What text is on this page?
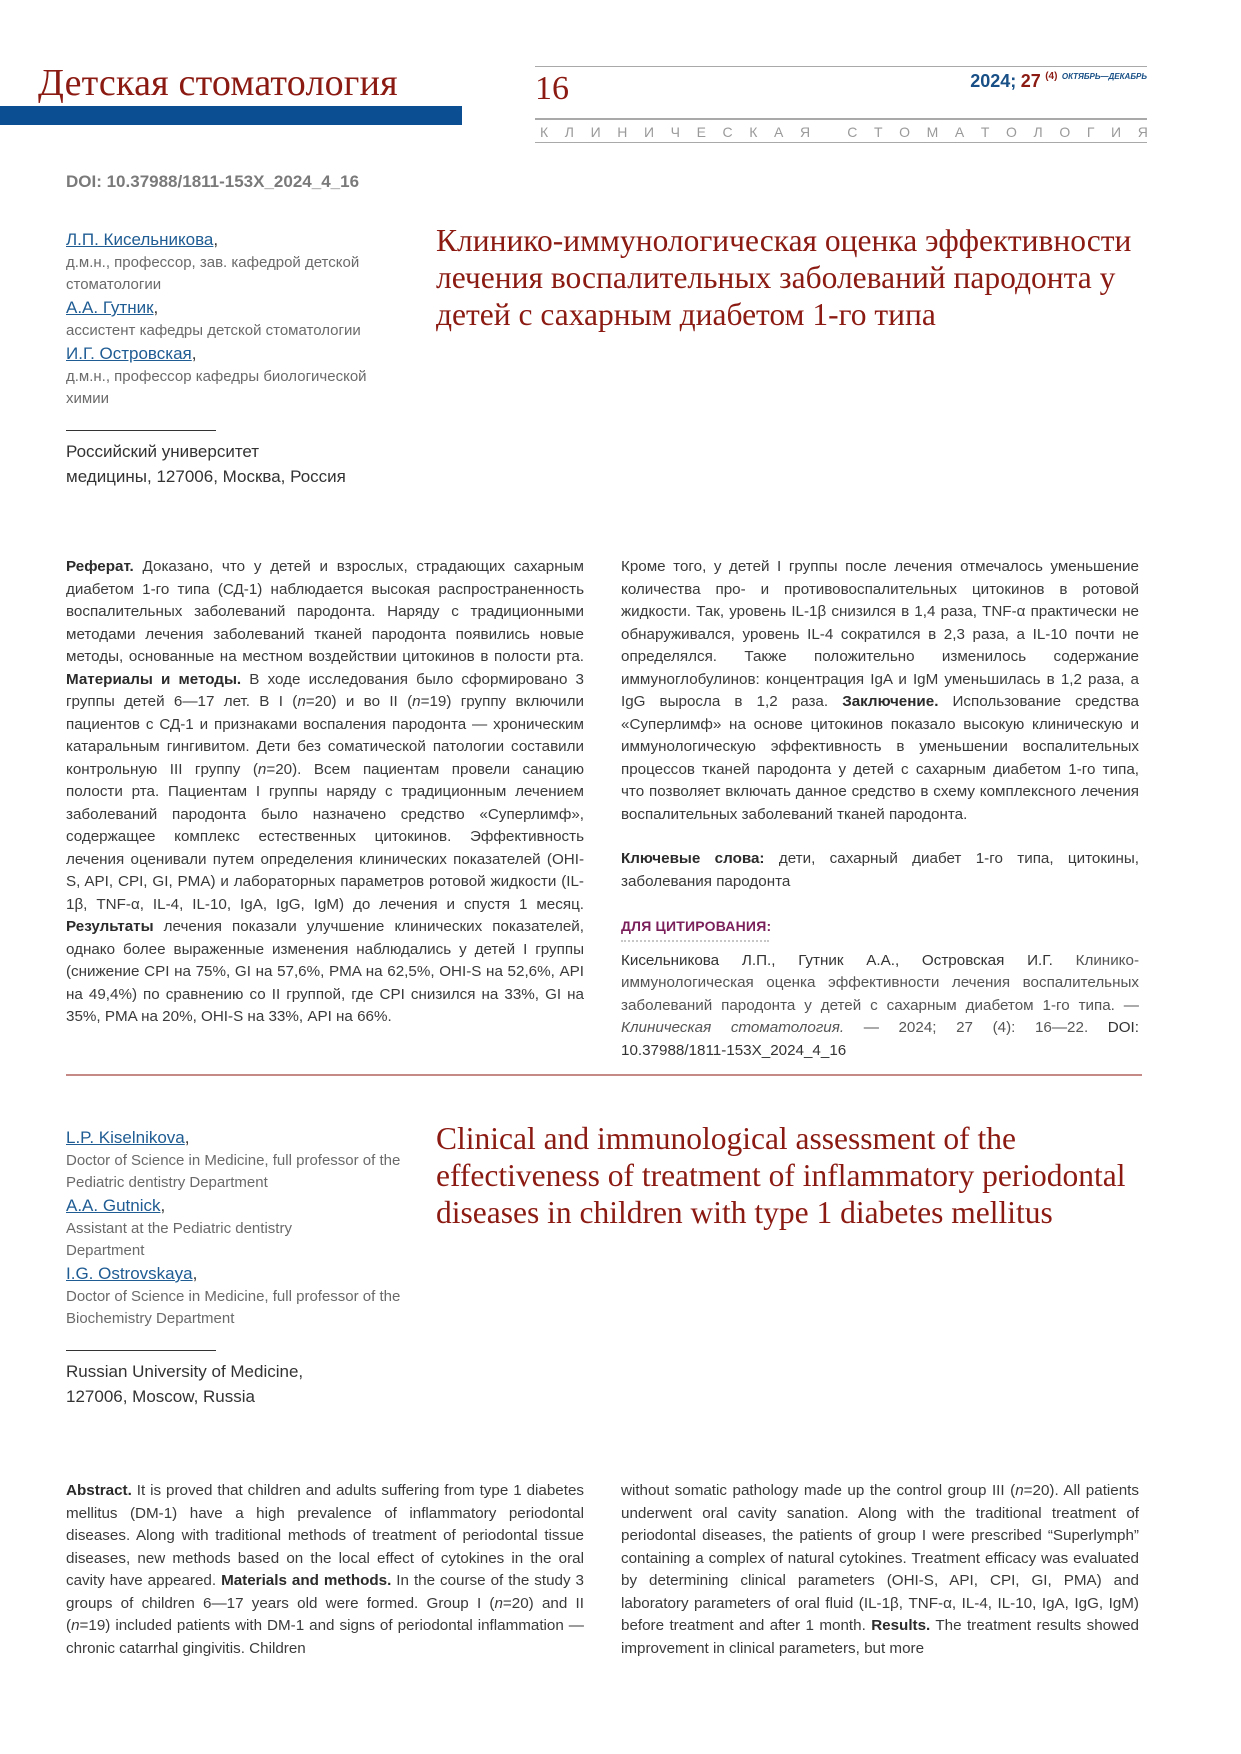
Детская стоматология	16	2024; 27 $^{(4)}$ $^{ОКТЯБРЬ—ДЕКАБРЬ}$
К Л И Н И Ч Е С К А Я
	С Т О М А Т О Л О Г И Я
DOI: 10.37988/1811-153X_2024_4_16
Л.П. Кисельникова,
д.м.н., профессор, зав. кафедрой детской стоматологии
А.А. Гутник,
ассистент кафедры детской стоматологии
И.Г. Островская,
д.м.н., профессор кафедры биологической химии
Российский университет
медицины, 127006, Москва, Россия
Клинико-иммунологическая оценка эффективности лечения воспалительных заболеваний пародонта у детей с сахарным диабетом 1-го типа

Реферат. Доказано, что у детей и взрослых, страдающих сахарным диабетом 1-го типа (СД-1) наблюдается высокая распространенность воспалительных заболеваний пародонта. Наряду с традиционными методами лечения заболеваний тканей пародонта появились новые методы, основанные на местном воздействии цитокинов в полости рта. Материалы и методы. В ходе исследования было сформировано 3 группы детей 6—17 лет. В I (n=20) и во II (n=19) группу включили пациентов с СД-1 и признаками воспаления пародонта — хроническим катаральным гингивитом. Дети без соматической патологии составили контрольную III группу (n=20). Всем пациентам провели санацию полости рта. Пациентам I группы наряду с традиционным лечением заболеваний пародонта было назначено средство «Суперлимф», содержащее комплекс естественных цитокинов. Эффективность лечения оценивали путем определения клинических показателей (OHI-S, API, CPI, GI, PMA) и лабораторных параметров ротовой жидкости (IL-1β, TNF-α, IL-4, IL-10, IgA, IgG, IgM) до лечения и спустя 1 месяц. Результаты лечения показали улучшение клинических показателей, однако более выраженные изменения наблюдались у детей I группы (снижение CPI на 75%, GI на 57,6%, PMA на 62,5%, OHI-S на 52,6%, API на 49,4%) по сравнению со II группой, где CPI снизился на 33%, GI на 35%, PMA на 20%, OHI-S на 33%, API на 66%.

Кроме того, у детей I группы после лечения отмечалось уменьшение количества про- и противовоспалительных цитокинов в ротовой жидкости. Так, уровень IL-1β снизился в 1,4 раза, TNF-α практически не обнаруживался, уровень IL-4 сократился в 2,3 раза, а IL-10 почти не определялся. Также положительно изменилось содержание иммуноглобулинов: концентрация IgA и IgM уменьшилась в 1,2 раза, а IgG выросла в 1,2 раза. Заключение. Использование средства «Суперлимф» на основе цитокинов показало высокую клиническую и иммунологическую эффективность в уменьшении воспалительных процессов тканей пародонта у детей с сахарным диабетом 1-го типа, что позволяет включать данное средство в схему комплексного лечения воспалительных заболеваний тканей пародонта.

Ключевые слова: дети, сахарный диабет 1-го типа, цитокины, заболевания пародонта

ДЛЯ ЦИТИРОВАНИЯ:

Кисельникова Л.П., Гутник А.А., Островская И.Г. Клинико-иммунологическая оценка эффективности лечения воспалительных заболеваний пародонта у детей с сахарным диабетом 1-го типа. — Клиническая стоматология. — 2024; 27 (4): 16—22. DOI: 10.37988/1811-153X_2024_4_16

L.P. Kiselnikova,
Doctor of Science in Medicine, full professor of the Pediatric dentistry Department
A.A. Gutnick,
Assistant at the Pediatric dentistry Department
I.G. Ostrovskaya,
Doctor of Science in Medicine, full professor of the Biochemistry Department
Russian University of Medicine,
127006, Moscow, Russia
Clinical and immunological assessment of the effectiveness of treatment of inflammatory periodontal diseases in children with type 1 diabetes mellitus

Abstract. It is proved that children and adults suffering from type 1 diabetes mellitus (DM-1) have a high prevalence of inflammatory periodontal diseases. Along with traditional methods of treatment of periodontal tissue diseases, new methods based on the local effect of cytokines in the oral cavity have appeared. Materials and methods. In the course of the study 3 groups of children 6—17 years old were formed. Group I (n=20) and II (n=19) included patients with DM-1 and signs of periodontal inflammation — chronic catarrhal gingivitis. Children

without somatic pathology made up the control group III (n=20). All patients underwent oral cavity sanation. Along with the traditional treatment of periodontal diseases, the patients of group I were prescribed “Superlymph” containing a complex of natural cytokines. Treatment efficacy was evaluated by determining clinical parameters (OHI-S, API, CPI, GI, PMA) and laboratory parameters of oral fluid (IL-1β, TNF-α, IL-4, IL-10, IgA, IgG, IgM) before treatment and after 1 month. Results. The treatment results showed improvement in clinical parameters, but more
